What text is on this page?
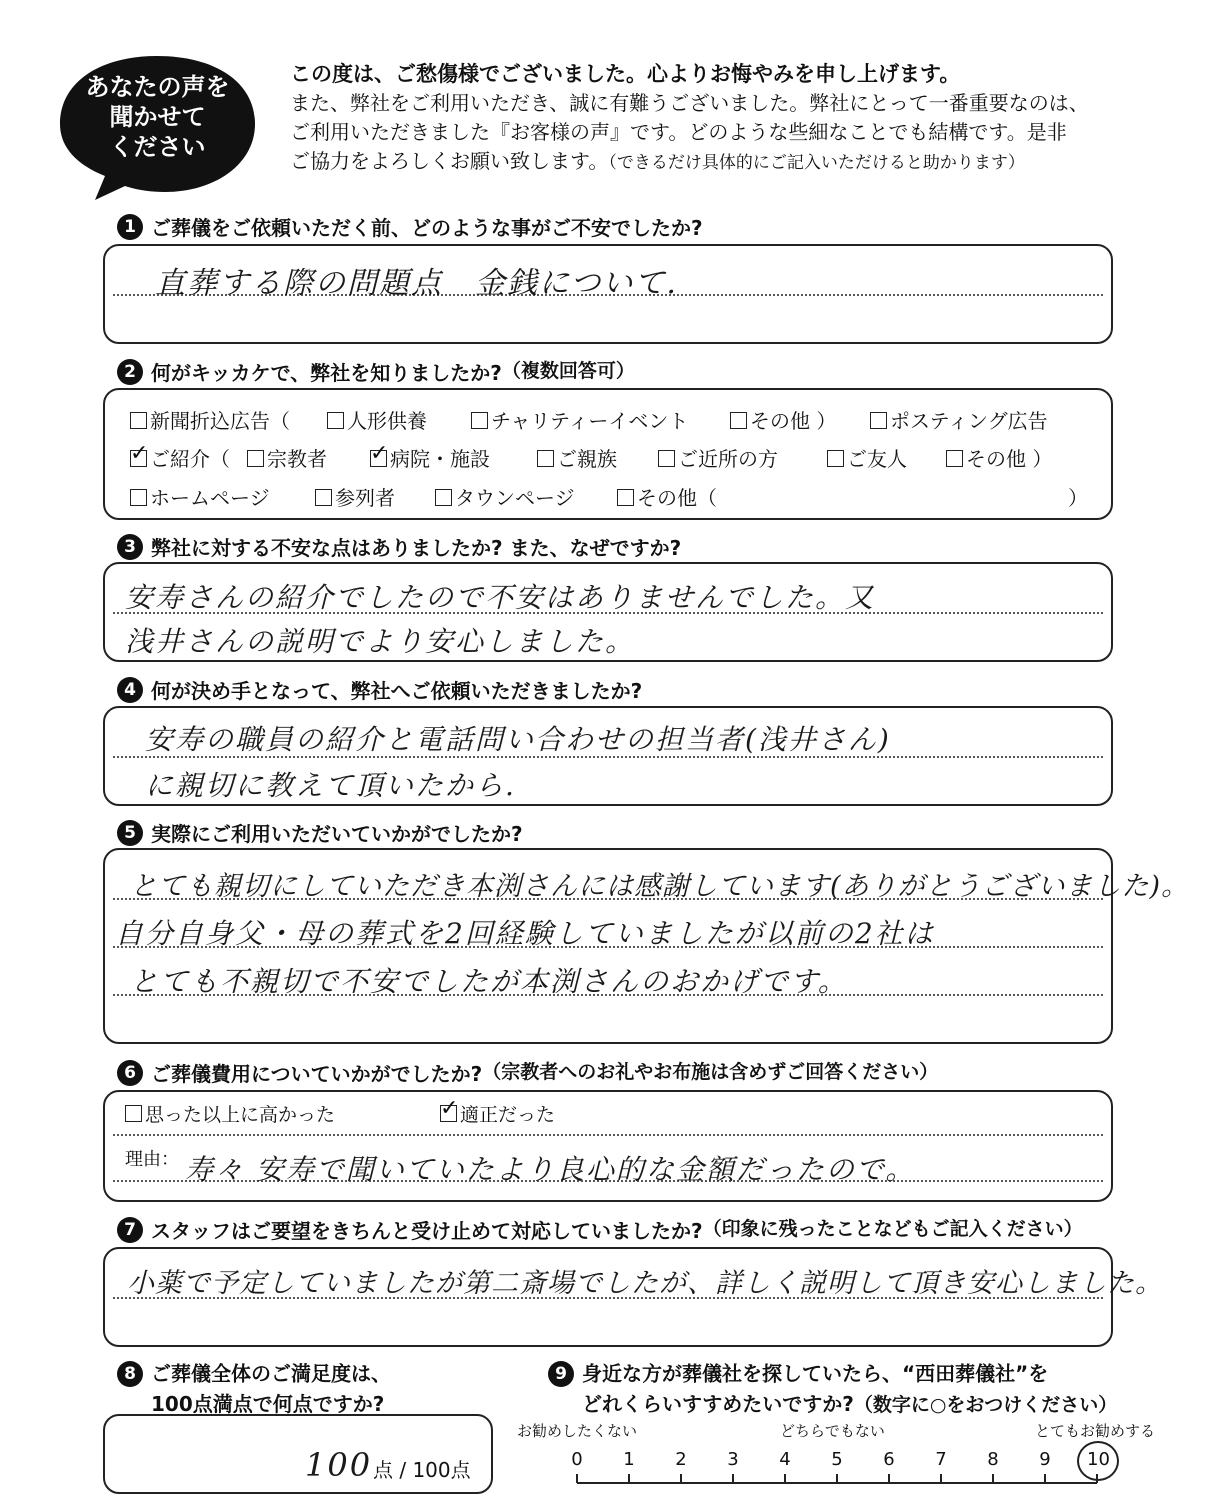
あなたの声を
聞かせて
ください
この度は、ご愁傷様でございました。心よりお悔やみを申し上げます。
また、弊社をご利用いただき、誠に有難うございました。弊社にとって一番重要なのは、
ご利用いただきました『お客様の声』です。どのような些細なことでも結構です。是非
ご協力をよろしくお願い致します。（できるだけ具体的にご記入いただけると助かります）
1 ご葬儀をご依頼いただく前、どのような事がご不安でしたか?
直葬する際の問題点　金銭について.
2 何がキッカケで、弊社を知りましたか?（複数回答可）
新聞折込広告（	人形供養	チャリティーイベント	その他 ）	ポスティング広告
✓ご紹介（	宗教者 ✓	病院・施設	ご親族	ご近所の方	ご友人	その他 ）
ホームページ	参列者	タウンページ	その他（	）
3 弊社に対する不安な点はありましたか? また、なぜですか?
安寿さんの紹介でしたので不安はありませんでした。又
浅井さんの説明でより安心しました。
4 何が決め手となって、弊社へご依頼いただきましたか?
安寿の職員の紹介と電話問い合わせの担当者(浅井さん)
に親切に教えて頂いたから.
5 実際にご利用いただいていかがでしたか?
とても親切にしていただき本渕さんには感謝しています(ありがとうございました)。
自分自身父・母の葬式を2回経験していましたが以前の2社は
とても不親切で不安でしたが本渕さんのおかげです。
6 ご葬儀費用についていかがでしたか?（宗教者へのお礼やお布施は含めずご回答ください）
思った以上に高かった ✓	適正だった
理由： 寿々 安寿で聞いていたより良心的な金額だったので。
7 スタッフはご要望をきちんと受け止めて対応していましたか?（印象に残ったことなどもご記入ください）
小薬で予定していましたが第二斎場でしたが、詳しく説明して頂き安心しました。
8 ご葬儀全体のご満足度は、
100点満点で何点ですか?
100 点 / 100点
9 身近な方が葬儀社を探していたら、“西田葬儀社”を
どれくらいすすめたいですか?（数字に○をおつけください）
お勧めしたくない	どちらでもない	とてもお勧めする
0 1 2 3 4 5 6 7 8 9 10
